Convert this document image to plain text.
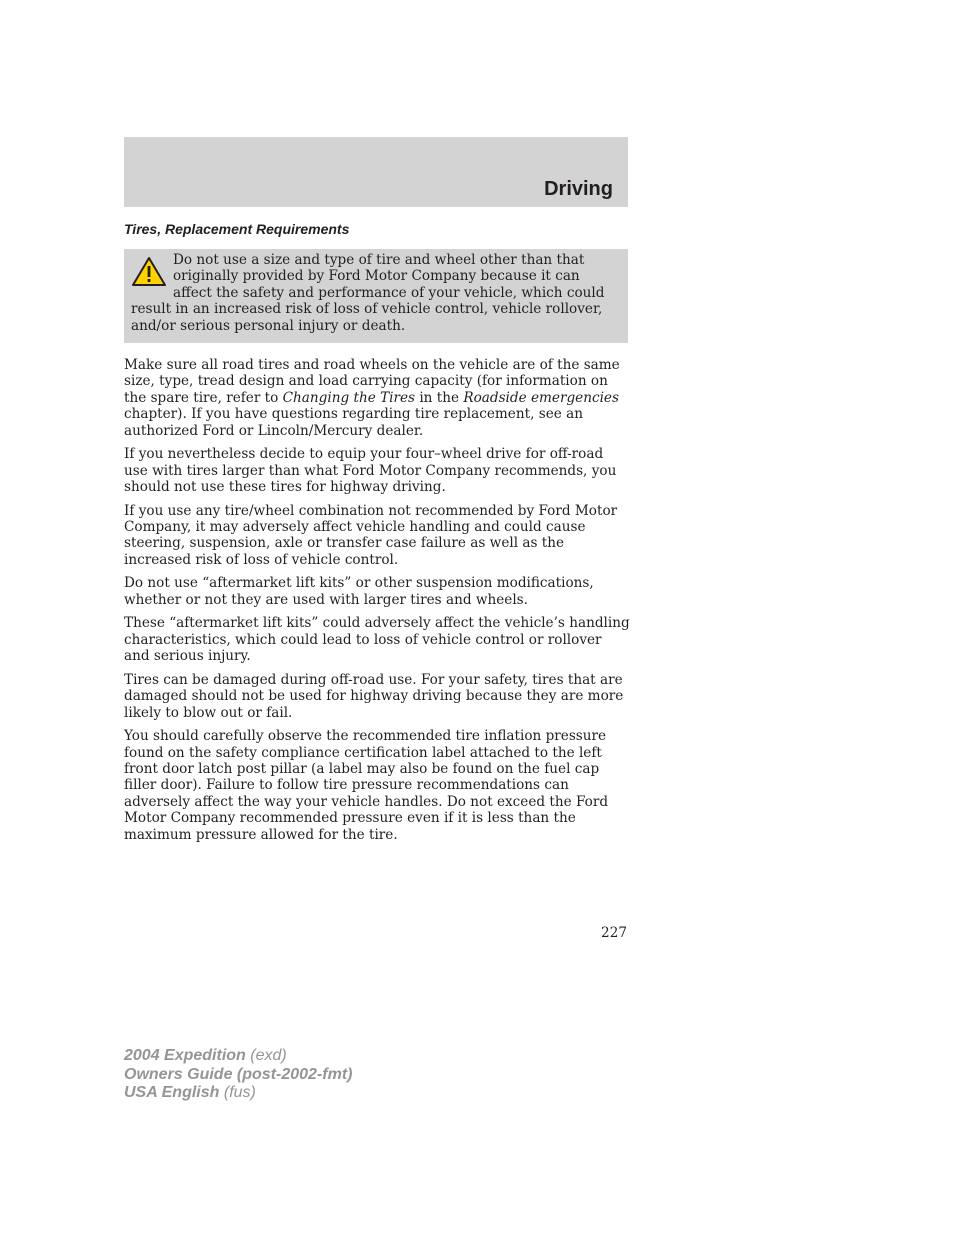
Driving
Tires, Replacement Requirements
Do not use a size and type of tire and wheel other than that originally provided by Ford Motor Company because it can affect the safety and performance of your vehicle, which could result in an increased risk of loss of vehicle control, vehicle rollover, and/or serious personal injury or death.

Make sure all road tires and road wheels on the vehicle are of the same size, type, tread design and load carrying capacity (for information on the spare tire, refer to Changing the Tires in the Roadside emergencies chapter). If you have questions regarding tire replacement, see an authorized Ford or Lincoln/Mercury dealer.

If you nevertheless decide to equip your four–wheel drive for off-road use with tires larger than what Ford Motor Company recommends, you should not use these tires for highway driving.

If you use any tire/wheel combination not recommended by Ford Motor Company, it may adversely affect vehicle handling and could cause steering, suspension, axle or transfer case failure as well as the increased risk of loss of vehicle control.

Do not use “aftermarket lift kits” or other suspension modifications, whether or not they are used with larger tires and wheels.

These “aftermarket lift kits” could adversely affect the vehicle’s handling characteristics, which could lead to loss of vehicle control or rollover and serious injury.

Tires can be damaged during off-road use. For your safety, tires that are damaged should not be used for highway driving because they are more likely to blow out or fail.

You should carefully observe the recommended tire inflation pressure found on the safety compliance certification label attached to the left front door latch post pillar (a label may also be found on the fuel cap filler door). Failure to follow tire pressure recommendations can adversely affect the way your vehicle handles. Do not exceed the Ford Motor Company recommended pressure even if it is less than the maximum pressure allowed for the tire.

227
2004 Expedition (exd)
Owners Guide (post-2002-fmt)
USA English (fus)
